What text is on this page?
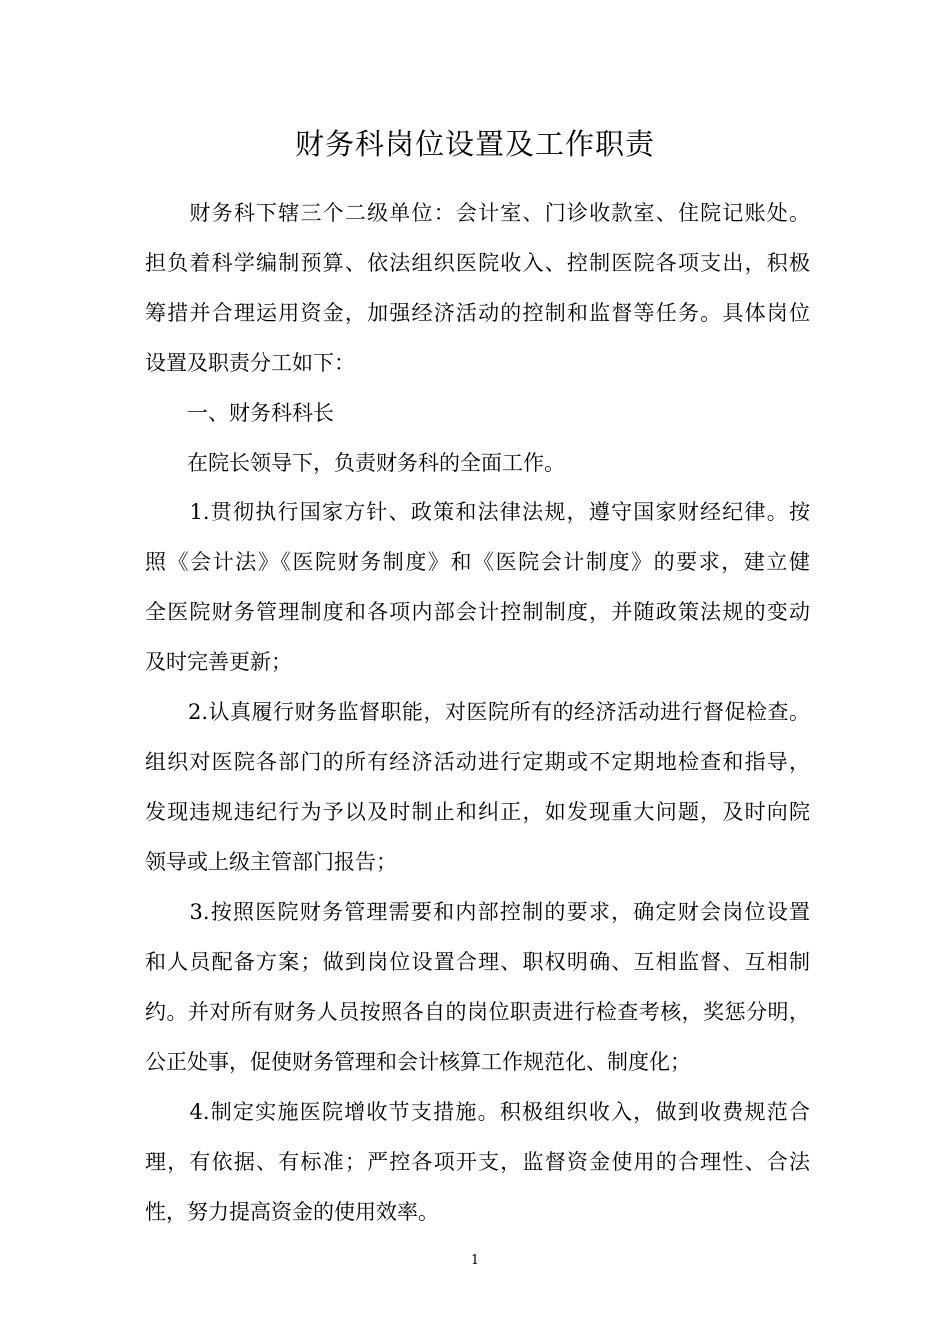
财务科岗位设置及工作职责

　　财务科下辖三个二级单位：会计室、门诊收款室、住院记账处。

担负着科学编制预算、依法组织医院收入、控制医院各项支出，积极

筹措并合理运用资金，加强经济活动的控制和监督等任务。具体岗位

设置及职责分工如下：

　　一、财务科科长

　　在院长领导下，负责财务科的全面工作。

　　1.贯彻执行国家方针、政策和法律法规，遵守国家财经纪律。按

照《会计法》《医院财务制度》和《医院会计制度》的要求，建立健

全医院财务管理制度和各项内部会计控制制度，并随政策法规的变动

及时完善更新；

　　2.认真履行财务监督职能，对医院所有的经济活动进行督促检查。

组织对医院各部门的所有经济活动进行定期或不定期地检查和指导，

发现违规违纪行为予以及时制止和纠正，如发现重大问题，及时向院

领导或上级主管部门报告；

　　3.按照医院财务管理需要和内部控制的要求，确定财会岗位设置

和人员配备方案；做到岗位设置合理、职权明确、互相监督、互相制

约。并对所有财务人员按照各自的岗位职责进行检查考核，奖惩分明，

公正处事，促使财务管理和会计核算工作规范化、制度化；

　　4.制定实施医院增收节支措施。积极组织收入，做到收费规范合

理，有依据、有标准；严控各项开支，监督资金使用的合理性、合法

性，努力提高资金的使用效率。

1
